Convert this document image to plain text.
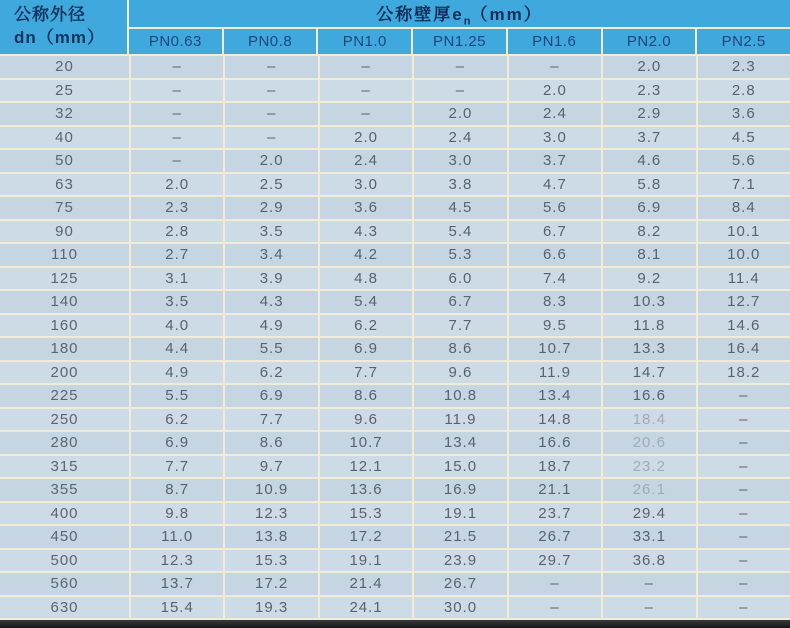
公称外径
dn（mm）
公称壁厚$e_n(mm)$
PN0.63	PN0.8	PN1.0	PN1.25	PN1.6	PN2.0	PN2.5
20	–	–	–	–	–	2.0	2.3
25	–	–	–	–	2.0	2.3	2.8
32	–	–	–	2.0	2.4	2.9	3.6
40	–	–	2.0	2.4	3.0	3.7	4.5
50	–	2.0	2.4	3.0	3.7	4.6	5.6
63	2.0	2.5	3.0	3.8	4.7	5.8	7.1
75	2.3	2.9	3.6	4.5	5.6	6.9	8.4
90	2.8	3.5	4.3	5.4	6.7	8.2	10.1
110	2.7	3.4	4.2	5.3	6.6	8.1	10.0
125	3.1	3.9	4.8	6.0	7.4	9.2	11.4
140	3.5	4.3	5.4	6.7	8.3	10.3	12.7
160	4.0	4.9	6.2	7.7	9.5	11.8	14.6
180	4.4	5.5	6.9	8.6	10.7	13.3	16.4
200	4.9	6.2	7.7	9.6	11.9	14.7	18.2
225	5.5	6.9	8.6	10.8	13.4	16.6	–
250	6.2	7.7	9.6	11.9	14.8	18.4	–
280	6.9	8.6	10.7	13.4	16.6	20.6	–
315	7.7	9.7	12.1	15.0	18.7	23.2	–
355	8.7	10.9	13.6	16.9	21.1	26.1	–
400	9.8	12.3	15.3	19.1	23.7	29.4	–
450	11.0	13.8	17.2	21.5	26.7	33.1	–
500	12.3	15.3	19.1	23.9	29.7	36.8	–
560	13.7	17.2	21.4	26.7	–	–	–
630	15.4	19.3	24.1	30.0	–	–	–
